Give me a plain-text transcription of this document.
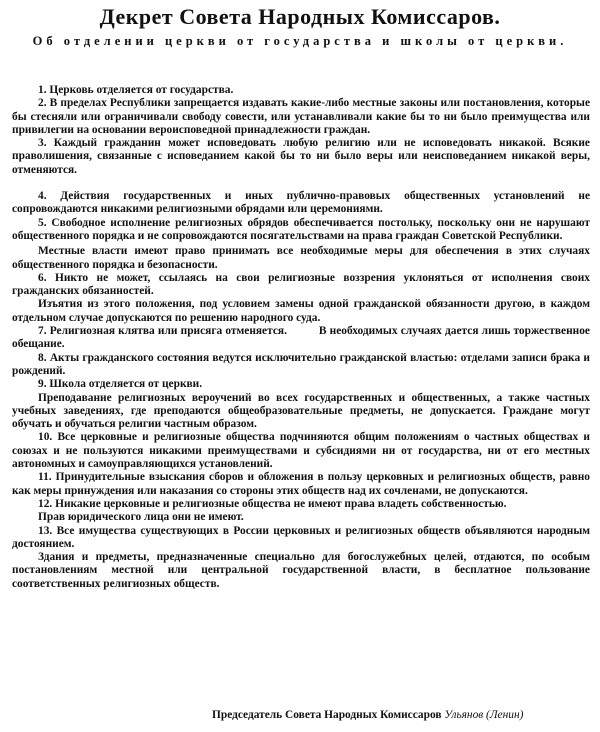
Декрет Совета Народных Комиссаров.
Об отделении церкви от государства и школы от церкви.

1. Церковь отделяется от государства.

2. В пределах Республики запрещается издавать какие-либо местные законы или постановления, которые бы стесняли или ограничивали свободу совести, или устанавливали какие бы то ни было преимущества или привилегии на основании вероисповедной принадлежности граждан.

3. Каждый гражданин может исповедовать любую религию или не исповедовать никакой. Всякие праволишения, связанные с исповеданием какой бы то ни было веры или неисповеданием никакой веры, отменяются.

4. Действия государственных и иных публично-правовых общественных установлений не сопровождаются никакими религиозными обрядами или церемониями.

5. Свободное исполнение религиозных обрядов обеспечивается постольку, поскольку они не нарушают общественного порядка и не сопровождаются посягательствами на права граждан Советской Республики.

Местные власти имеют право принимать все необходимые меры для обеспечения в этих случаях общественного порядка и безопасности.

6. Никто не может, ссылаясь на свои религиозные воззрения уклоняться от исполнения своих гражданских обязанностей.

Изъятия из этого положения, под условием замены одной гражданской обязанности другою, в каждом отдельном случае допускаются по решению народного суда.

7. Религиозная клятва или присяга отменяется.          В необходимых случаях дается лишь торжественное обещание.

8. Акты гражданского состояния ведутся исключительно гражданской властью: отделами записи брака и рождений.

9. Школа отделяется от церкви.

Преподавание религиозных вероучений во всех государственных и общественных, а также частных учебных заведениях, где преподаются общеобразовательные предметы, не допускается. Граждане могут обучать и обучаться религии частным образом.

10. Все церковные и религиозные общества подчиняются общим положениям о частных обществах и союзах и не пользуются никакими преимуществами и субсидиями ни от государства, ни от его местных автономных и самоуправляющихся установлений.

11. Принудительные взыскания сборов и обложения в пользу церковных и религиозных обществ, равно как меры принуждения или наказания со стороны этих обществ над их сочленами, не допускаются.

12. Никакие церковные и религиозные общества не имеют права владеть собственностью.

Прав юридического лица они не имеют.

13. Все имущества существующих в России церковных и религиозных обществ объявляются народным достоянием.

Здания и предметы, предназначенные специально для богослужебных целей, отдаются, по особым постановлениям местной или центральной государственной власти, в бесплатное пользование соответственных религиозных обществ.

Председатель Совета Народных Комиссаров Ульянов (Ленин)
